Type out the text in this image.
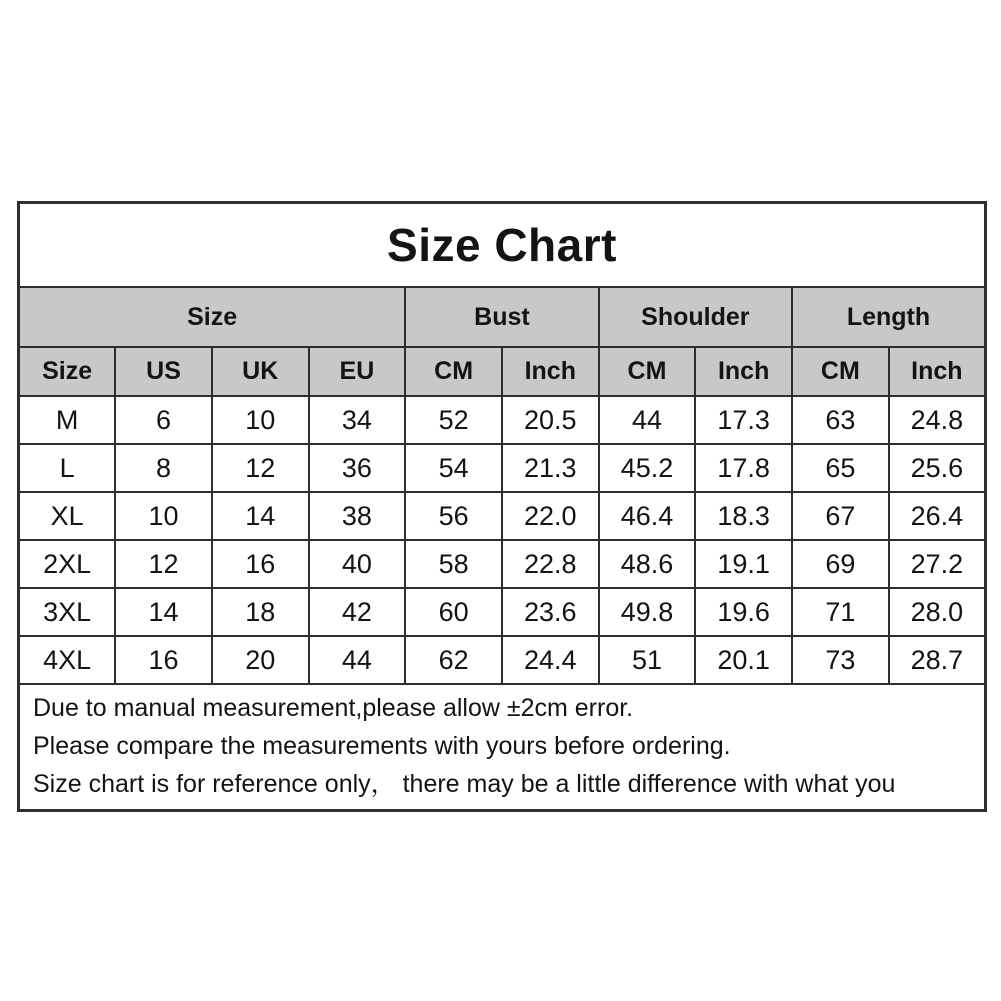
Size Chart									
Size				Bust		Shoulder		Length	
Size	US	UK	EU	CM	Inch	CM	Inch	CM	Inch
M	6	10	34	52	20.5	44	17.3	63	24.8
L	8	12	36	54	21.3	45.2	17.8	65	25.6
XL	10	14	38	56	22.0	46.4	18.3	67	26.4
2XL	12	16	40	58	22.8	48.6	19.1	69	27.2
3XL	14	18	42	60	23.6	49.8	19.6	71	28.0
4XL	16	20	44	62	24.4	51	20.1	73	28.7

Due to manual measurement,please allow ±2cm error.
Please compare the measurements with yours before ordering.
Size chart is for reference only， there may be a little difference with what you									
